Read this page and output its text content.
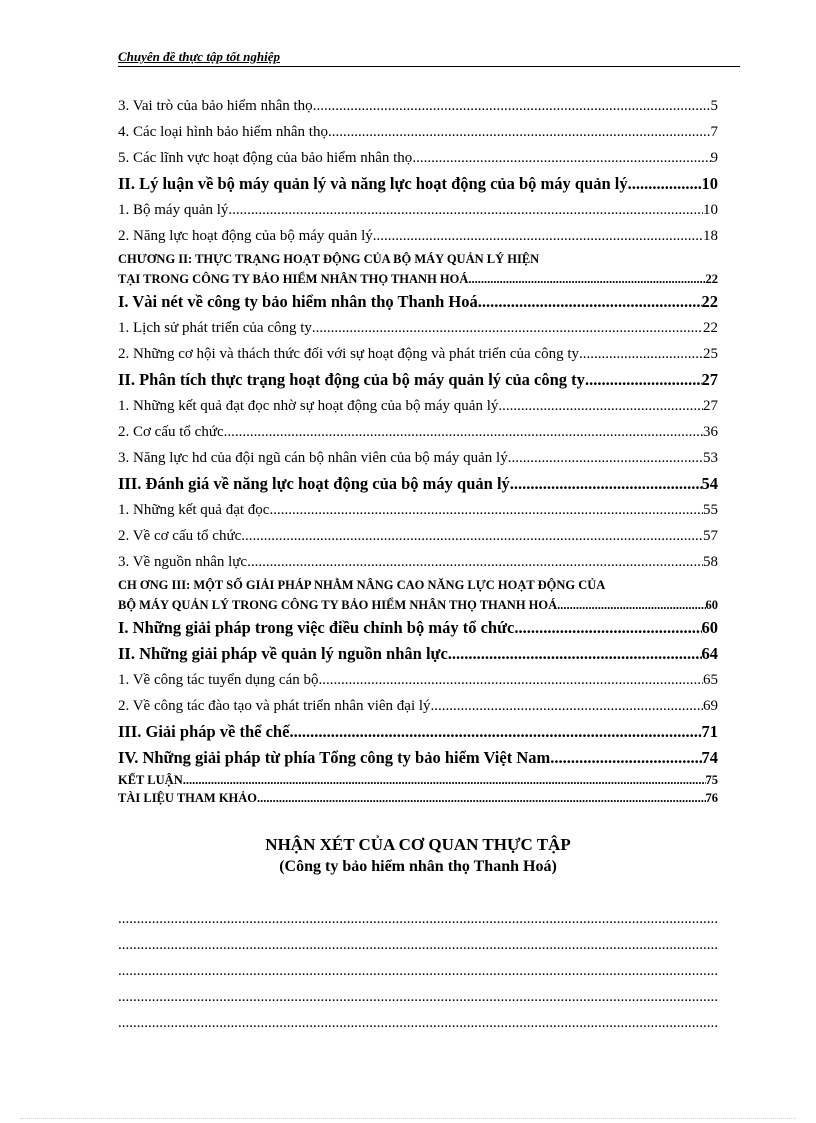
Chuyên đề thực tập tốt nghiệp
3. Vai trò của bảo hiểm nhân thọ .....	5
4. Các loại hình bảo hiểm nhân thọ .....	7
5. Các lĩnh vực hoạt động của bảo hiểm nhân thọ .....	9
II. Lý luận về bộ máy quản lý và năng lực hoạt động của bộ máy quản lý .....	10
1. Bộ máy quản lý .....	10
2. Năng lực hoạt động của bộ máy quản lý .....	18
CHƯƠNG II: THỰC TRẠNG HOẠT ĐỘNG CỦA BỘ MÁY QUẢN LÝ HIỆN
TẠI TRONG CÔNG TY BẢO HIỂM NHÂN THỌ THANH HOÁ .....	22
I. Vài nét về công ty bảo hiểm nhân thọ Thanh Hoá .....	22
1. Lịch sử phát triển của công ty .....	22
2. Những cơ hội và thách thức đối với sự hoạt động và phát triển của công ty .....	25
II. Phân tích thực trạng hoạt động của bộ máy quản lý của công ty .....	27
1. Những kết quả đạt đọc nhờ sự hoạt động của bộ máy quản lý .....	27
2. Cơ cấu tổ chức .....	36
3. Năng lực hd của đội ngũ cán bộ nhân viên của bộ máy quản lý .....	53
III. Đánh giá về năng lực hoạt động của bộ máy quản lý .....	54
1. Những kết quả đạt đọc .....	55
2. Về cơ cấu tổ chức .....	57
3. Về nguồn nhân lực .....	58
CH ƠNG III: MỘT SỐ GIẢI PHÁP NHẰM NÂNG CAO NĂNG LỰC HOẠT ĐỘNG CỦA
BỘ MÁY QUẢN LÝ TRONG CÔNG TY BẢO HIỂM NHÂN THỌ THANH HOÁ .....	60
I. Những giải pháp trong việc điều chỉnh bộ máy tổ chức .....	60
II. Những giải pháp về quản lý nguồn nhân lực .....	64
1. Về công tác tuyển dụng cán bộ .....	65
2. Về công tác đào tạo và phát triển nhân viên đại lý .....	69
III. Giải pháp về thể chế .....	71
IV. Những giải pháp từ phía Tổng công ty bảo hiểm Việt Nam .....	74
KẾT LUẬN .....	75
TÀI LIỆU THAM KHẢO .....	76
NHẬN XÉT CỦA CƠ QUAN THỰC TẬP
(Công ty bảo hiểm nhân thọ Thanh Hoá)
.....
.....
.....
.....
.....
